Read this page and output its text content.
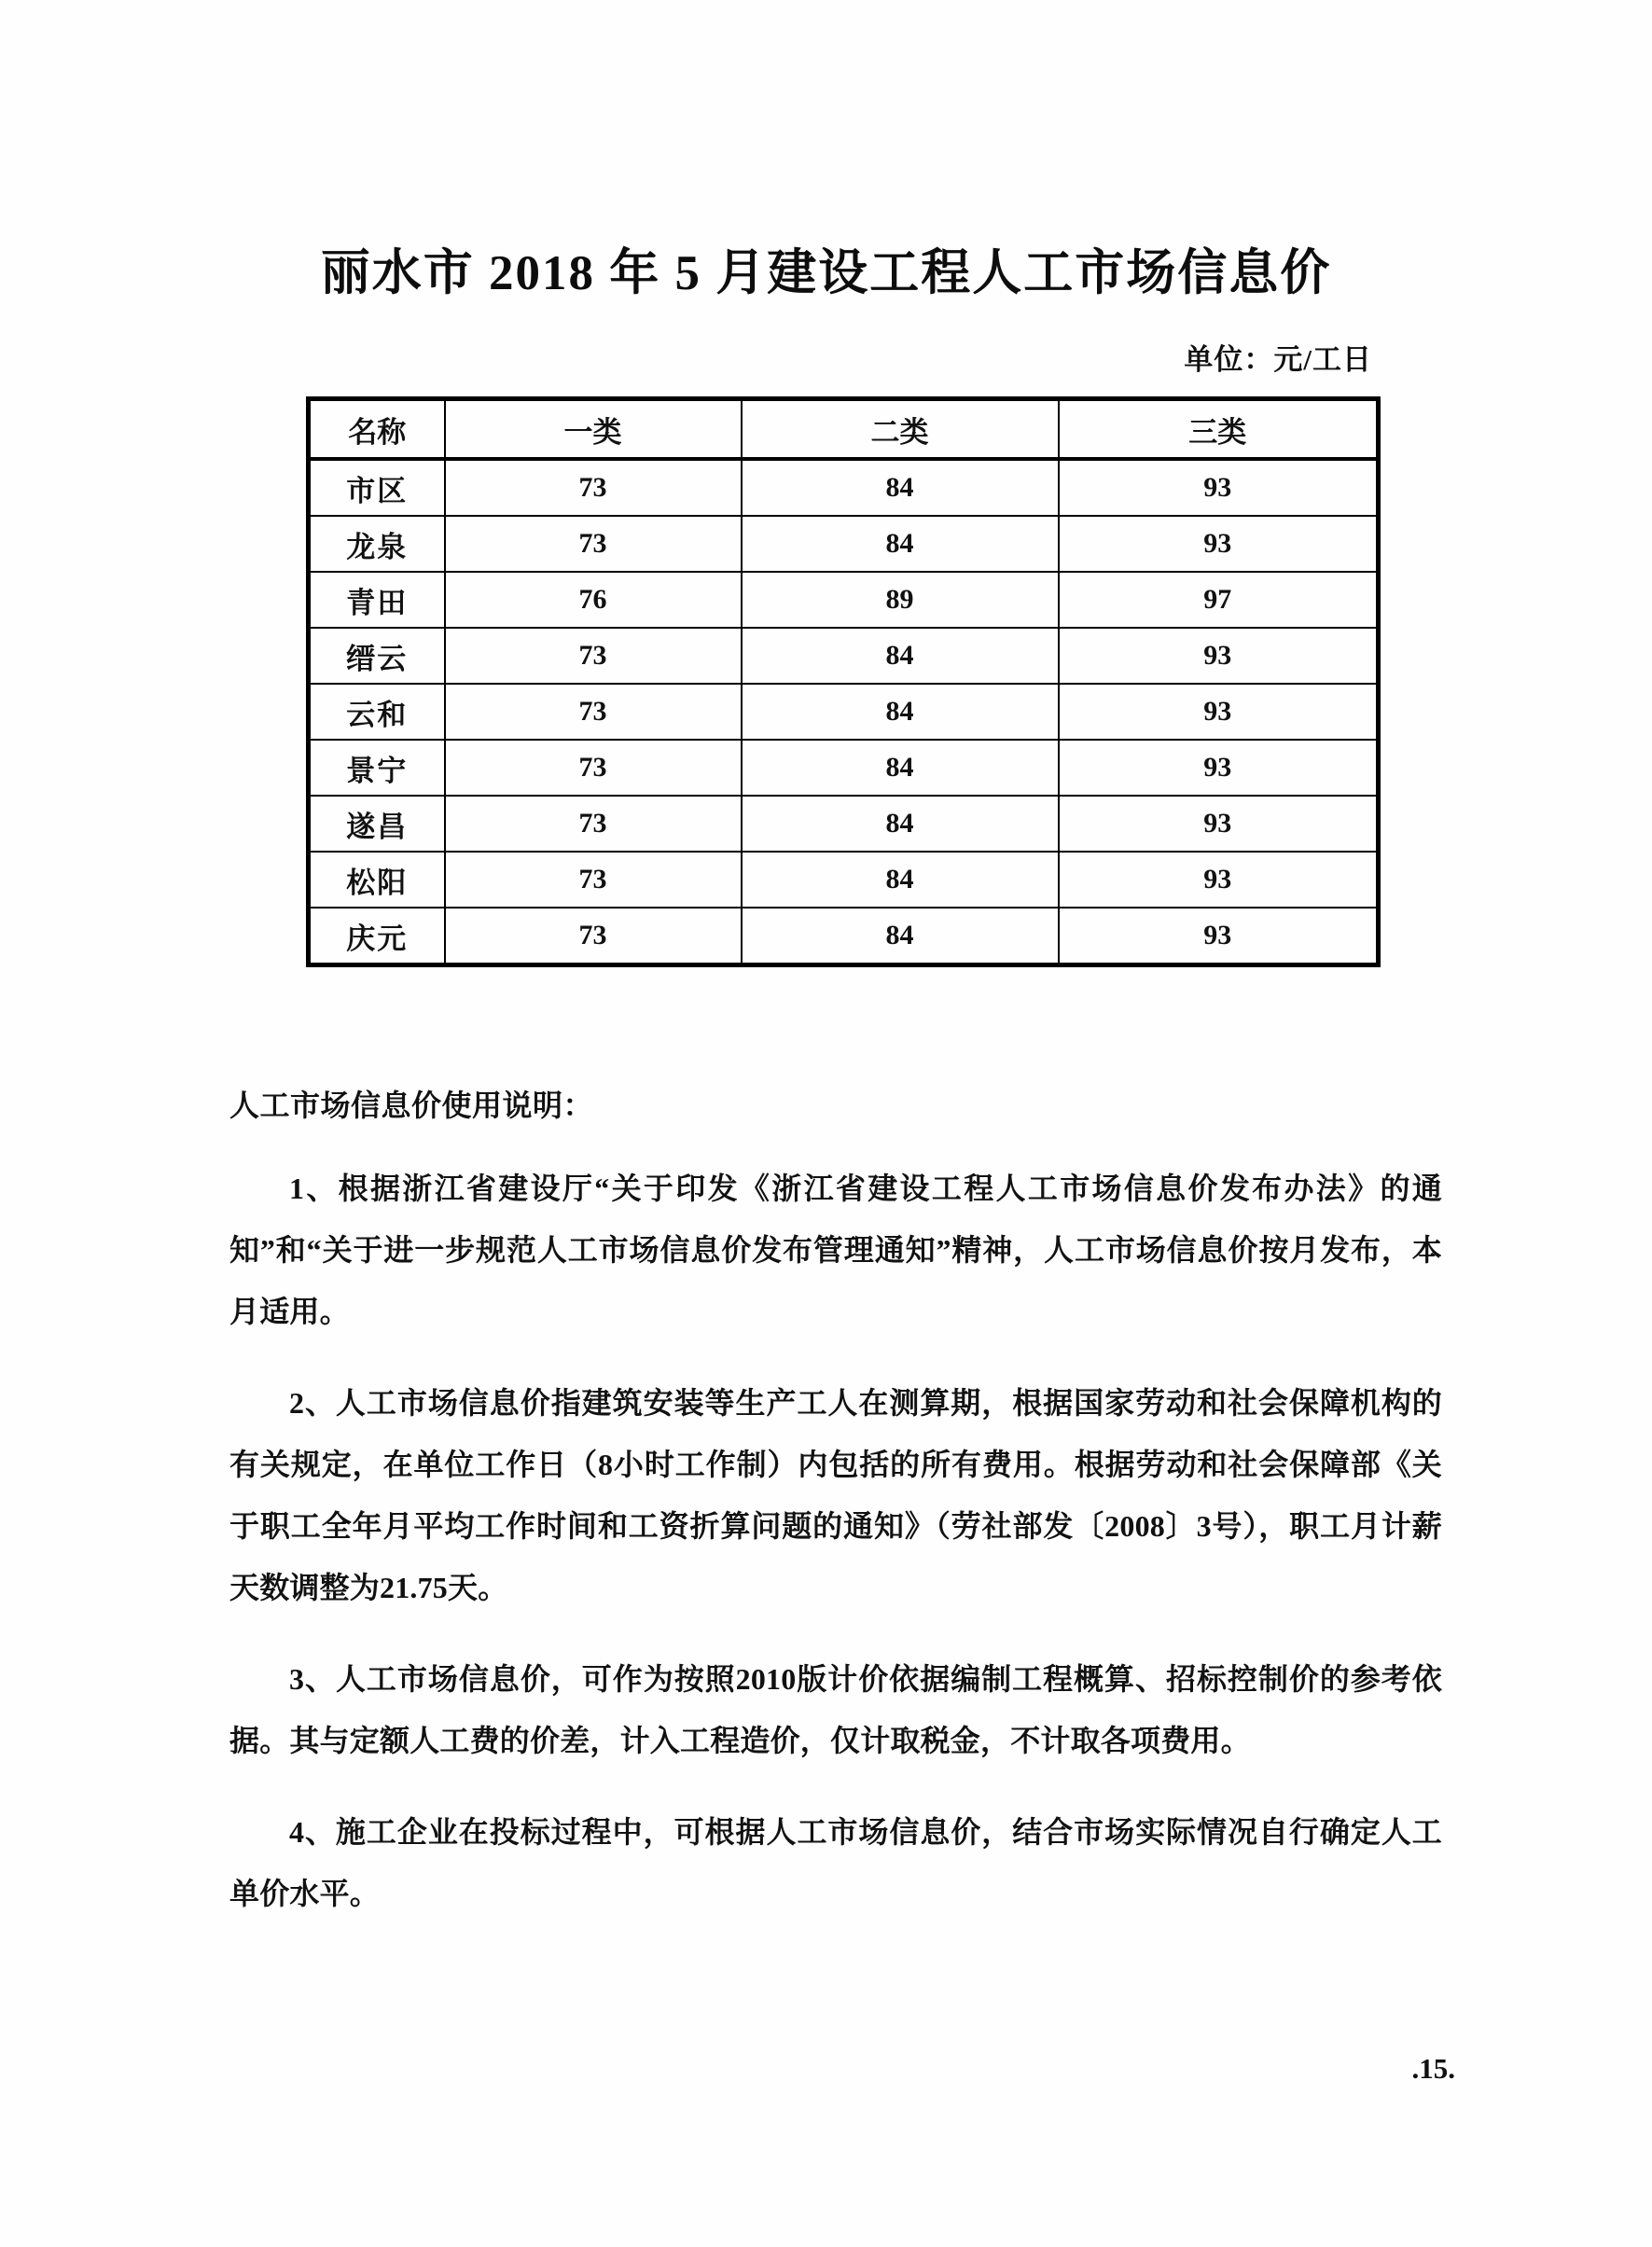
丽水市 2018 年 5 月建设工程人工市场信息价
单位：元/工日
名称	一类	二类	三类
市区	73	84	93
龙泉	73	84	93
青田	76	89	97
缙云	73	84	93
云和	73	84	93
景宁	73	84	93
遂昌	73	84	93
松阳	73	84	93
庆元	73	84	93
人工市场信息价使用说明：

1、根据浙江省建设厅“关于印发《浙江省建设工程人工市场信息价发布办法》的通知”和“关于进一步规范人工市场信息价发布管理通知”精神，人工市场信息价按月发布，本月适用。

2、人工市场信息价指建筑安装等生产工人在测算期，根据国家劳动和社会保障机构的有关规定，在单位工作日（8小时工作制）内包括的所有费用。根据劳动和社会保障部《关于职工全年月平均工作时间和工资折算问题的通知》（劳社部发〔2008〕3号），职工月计薪天数调整为21.75天。

3、人工市场信息价，可作为按照2010版计价依据编制工程概算、招标控制价的参考依据。其与定额人工费的价差，计入工程造价，仅计取税金，不计取各项费用。

4、施工企业在投标过程中，可根据人工市场信息价，结合市场实际情况自行确定人工单价水平。

.15.
